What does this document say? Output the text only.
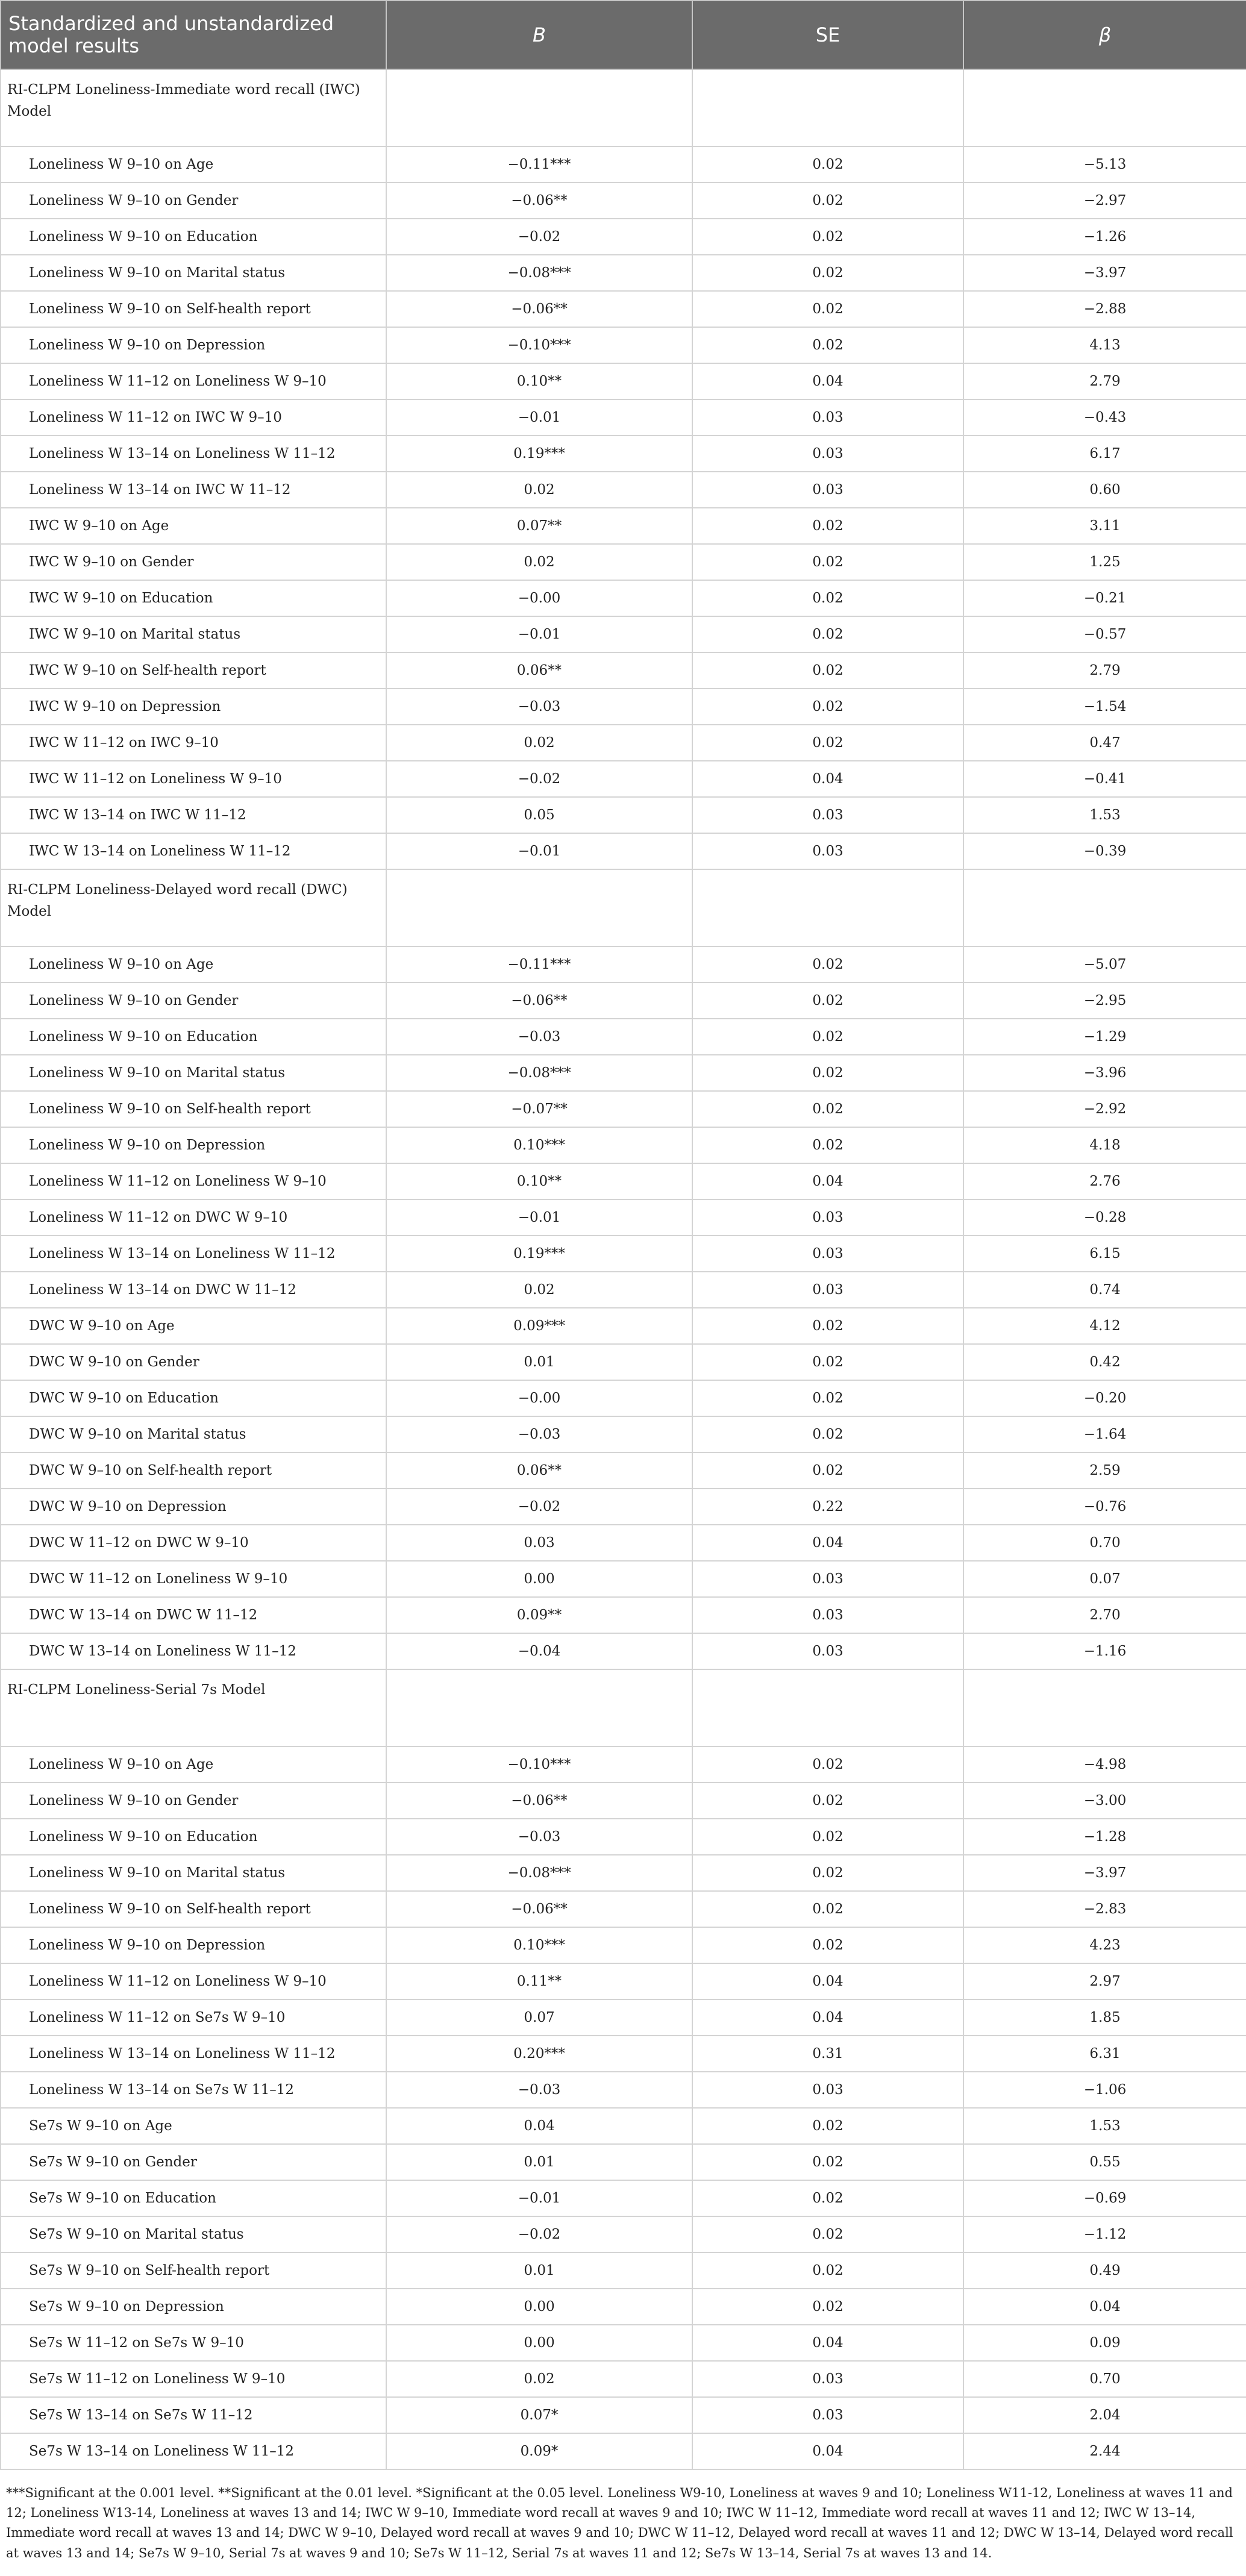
Standardized and unstandardized model results	B	SE	β
RI-CLPM Loneliness-Immediate word recall (IWC) Model			
Loneliness W 9–10 on Age	−0.11***	0.02	−5.13
Loneliness W 9–10 on Gender	−0.06**	0.02	−2.97
Loneliness W 9–10 on Education	−0.02	0.02	−1.26
Loneliness W 9–10 on Marital status	−0.08***	0.02	−3.97
Loneliness W 9–10 on Self-health report	−0.06**	0.02	−2.88
Loneliness W 9–10 on Depression	−0.10***	0.02	4.13
Loneliness W 11–12 on Loneliness W 9–10	0.10**	0.04	2.79
Loneliness W 11–12 on IWC W 9–10	−0.01	0.03	−0.43
Loneliness W 13–14 on Loneliness W 11–12	0.19***	0.03	6.17
Loneliness W 13–14 on IWC W 11–12	0.02	0.03	0.60
IWC W 9–10 on Age	0.07**	0.02	3.11
IWC W 9–10 on Gender	0.02	0.02	1.25
IWC W 9–10 on Education	−0.00	0.02	−0.21
IWC W 9–10 on Marital status	−0.01	0.02	−0.57
IWC W 9–10 on Self-health report	0.06**	0.02	2.79
IWC W 9–10 on Depression	−0.03	0.02	−1.54
IWC W 11–12 on IWC 9–10	0.02	0.02	0.47
IWC W 11–12 on Loneliness W 9–10	−0.02	0.04	−0.41
IWC W 13–14 on IWC W 11–12	0.05	0.03	1.53
IWC W 13–14 on Loneliness W 11–12	−0.01	0.03	−0.39
RI-CLPM Loneliness-Delayed word recall (DWC) Model			
Loneliness W 9–10 on Age	−0.11***	0.02	−5.07
Loneliness W 9–10 on Gender	−0.06**	0.02	−2.95
Loneliness W 9–10 on Education	−0.03	0.02	−1.29
Loneliness W 9–10 on Marital status	−0.08***	0.02	−3.96
Loneliness W 9–10 on Self-health report	−0.07**	0.02	−2.92
Loneliness W 9–10 on Depression	0.10***	0.02	4.18
Loneliness W 11–12 on Loneliness W 9–10	0.10**	0.04	2.76
Loneliness W 11–12 on DWC W 9–10	−0.01	0.03	−0.28
Loneliness W 13–14 on Loneliness W 11–12	0.19***	0.03	6.15
Loneliness W 13–14 on DWC W 11–12	0.02	0.03	0.74
DWC W 9–10 on Age	0.09***	0.02	4.12
DWC W 9–10 on Gender	0.01	0.02	0.42
DWC W 9–10 on Education	−0.00	0.02	−0.20
DWC W 9–10 on Marital status	−0.03	0.02	−1.64
DWC W 9–10 on Self-health report	0.06**	0.02	2.59
DWC W 9–10 on Depression	−0.02	0.22	−0.76
DWC W 11–12 on DWC W 9–10	0.03	0.04	0.70
DWC W 11–12 on Loneliness W 9–10	0.00	0.03	0.07
DWC W 13–14 on DWC W 11–12	0.09**	0.03	2.70
DWC W 13–14 on Loneliness W 11–12	−0.04	0.03	−1.16
RI-CLPM Loneliness-Serial 7s Model			
Loneliness W 9–10 on Age	−0.10***	0.02	−4.98
Loneliness W 9–10 on Gender	−0.06**	0.02	−3.00
Loneliness W 9–10 on Education	−0.03	0.02	−1.28
Loneliness W 9–10 on Marital status	−0.08***	0.02	−3.97
Loneliness W 9–10 on Self-health report	−0.06**	0.02	−2.83
Loneliness W 9–10 on Depression	0.10***	0.02	4.23
Loneliness W 11–12 on Loneliness W 9–10	0.11**	0.04	2.97
Loneliness W 11–12 on Se7s W 9–10	0.07	0.04	1.85
Loneliness W 13–14 on Loneliness W 11–12	0.20***	0.31	6.31
Loneliness W 13–14 on Se7s W 11–12	−0.03	0.03	−1.06
Se7s W 9–10 on Age	0.04	0.02	1.53
Se7s W 9–10 on Gender	0.01	0.02	0.55
Se7s W 9–10 on Education	−0.01	0.02	−0.69
Se7s W 9–10 on Marital status	−0.02	0.02	−1.12
Se7s W 9–10 on Self-health report	0.01	0.02	0.49
Se7s W 9–10 on Depression	0.00	0.02	0.04
Se7s W 11–12 on Se7s W 9–10	0.00	0.04	0.09
Se7s W 11–12 on Loneliness W 9–10	0.02	0.03	0.70
Se7s W 13–14 on Se7s W 11–12	0.07*	0.03	2.04
Se7s W 13–14 on Loneliness W 11–12	0.09*	0.04	2.44
***Significant at the 0.001 level. **Significant at the 0.01 level. *Significant at the 0.05 level. Loneliness W9-10, Loneliness at waves 9 and 10; Loneliness W11-12, Loneliness at waves 11 and 12; Loneliness W13-14, Loneliness at waves 13 and 14; IWC W 9–10, Immediate word recall at waves 9 and 10; IWC W 11–12, Immediate word recall at waves 11 and 12; IWC W 13–14, Immediate word recall at waves 13 and 14; DWC W 9–10, Delayed word recall at waves 9 and 10; DWC W 11–12, Delayed word recall at waves 11 and 12; DWC W 13–14, Delayed word recall at waves 13 and 14; Se7s W 9–10, Serial 7s at waves 9 and 10; Se7s W 11–12, Serial 7s at waves 11 and 12; Se7s W 13–14, Serial 7s at waves 13 and 14.
